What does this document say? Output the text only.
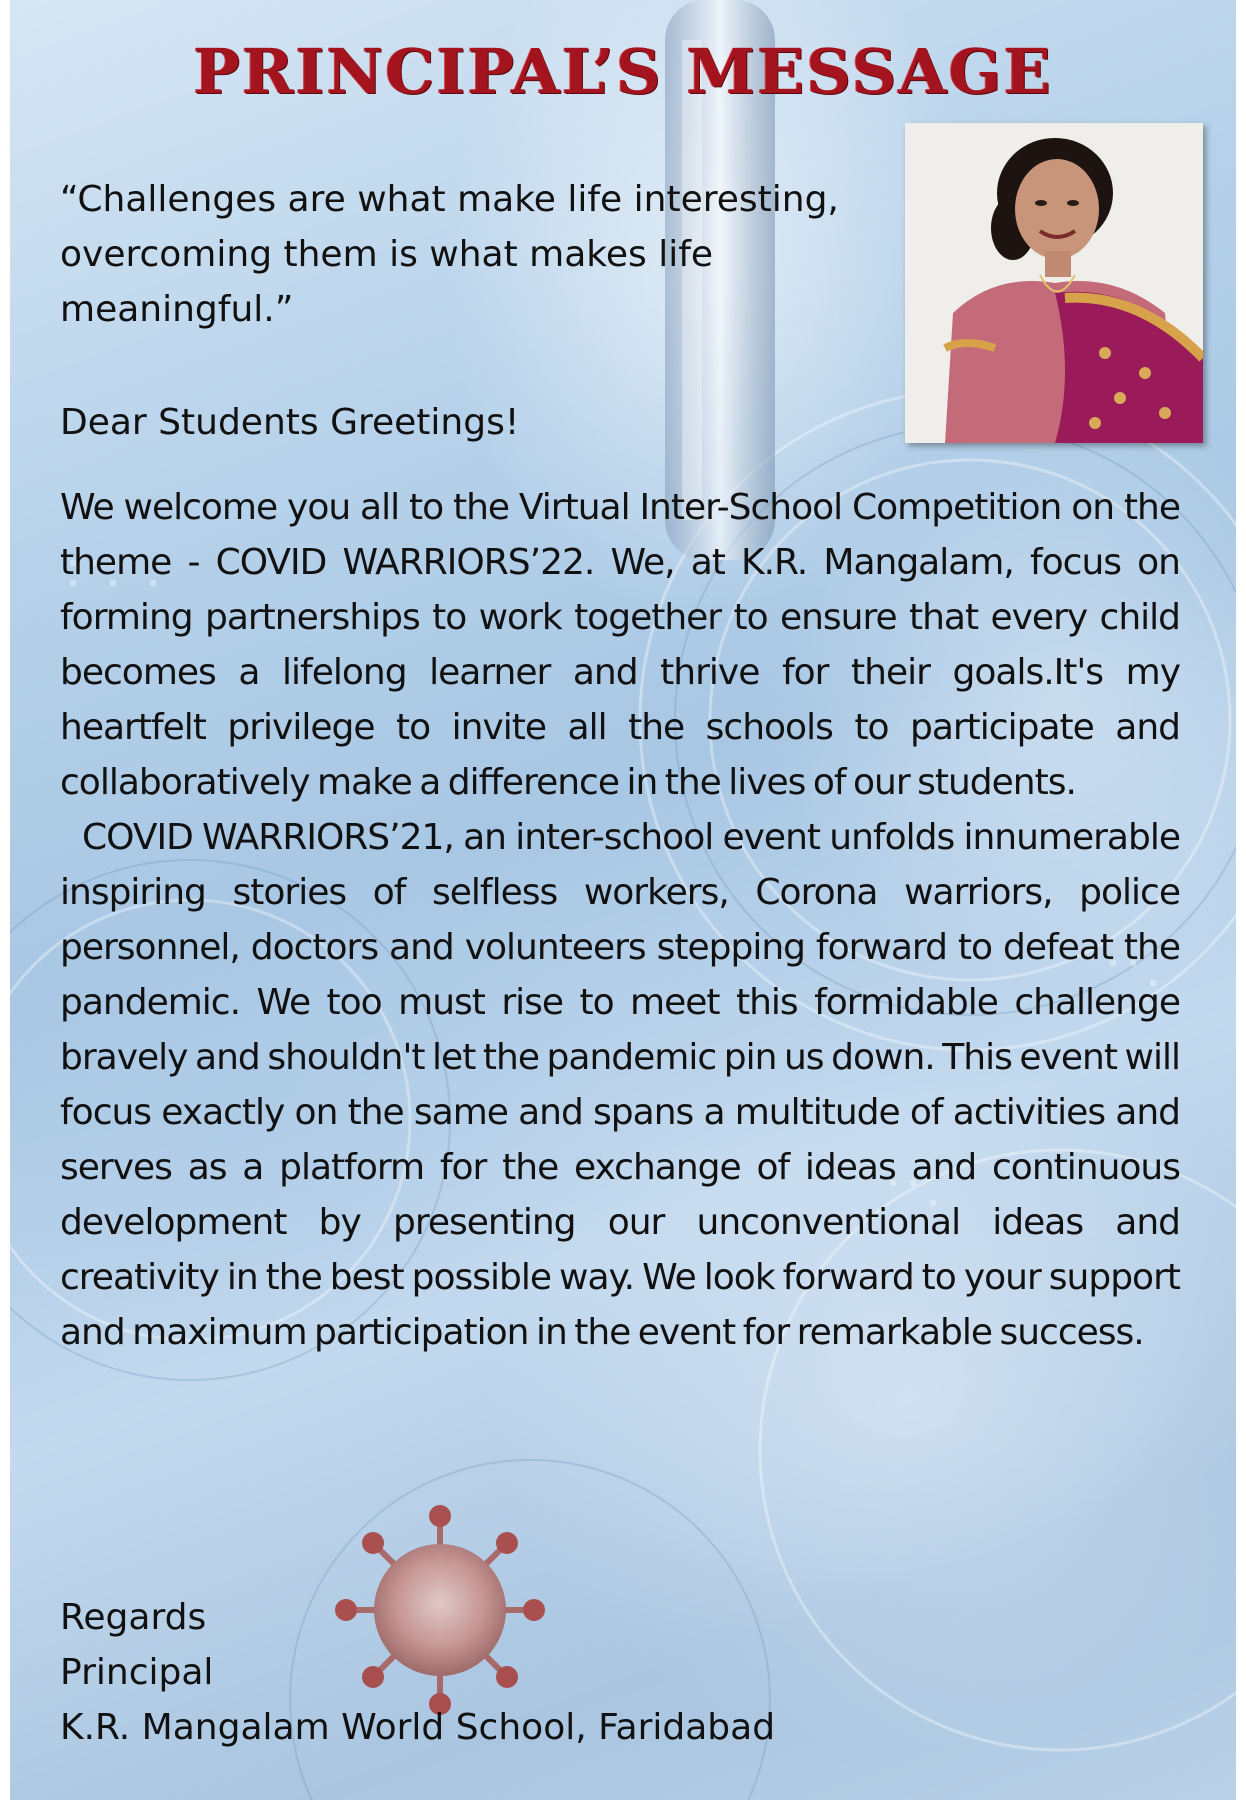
PRINCIPAL’S MESSAGE

“Challenges are what make life interesting, overcoming them is what makes life meaningful.”

Dear Students Greetings!

We welcome you all to the Virtual Inter-School Competition on the theme - COVID WARRIORS’22. We, at K.R. Mangalam, focus on forming partnerships to work together to ensure that every child becomes a lifelong learner and thrive for their goals.It's my heartfelt privilege to invite all the schools to participate and collaboratively make a difference in the lives of our students.

COVID WARRIORS’21, an inter-school event unfolds innumerable inspiring stories of selfless workers, Corona warriors, police personnel, doctors and volunteers stepping forward to defeat the pandemic. We too must rise to meet this formidable challenge bravely and shouldn't let the pandemic pin us down. This event will focus exactly on the same and spans a multitude of activities and serves as a platform for the exchange of ideas and continuous development by presenting our unconventional ideas and creativity in the best possible way. We look forward to your support and maximum participation in the event for remarkable success.

Regards
Principal
K.R. Mangalam World School, Faridabad
